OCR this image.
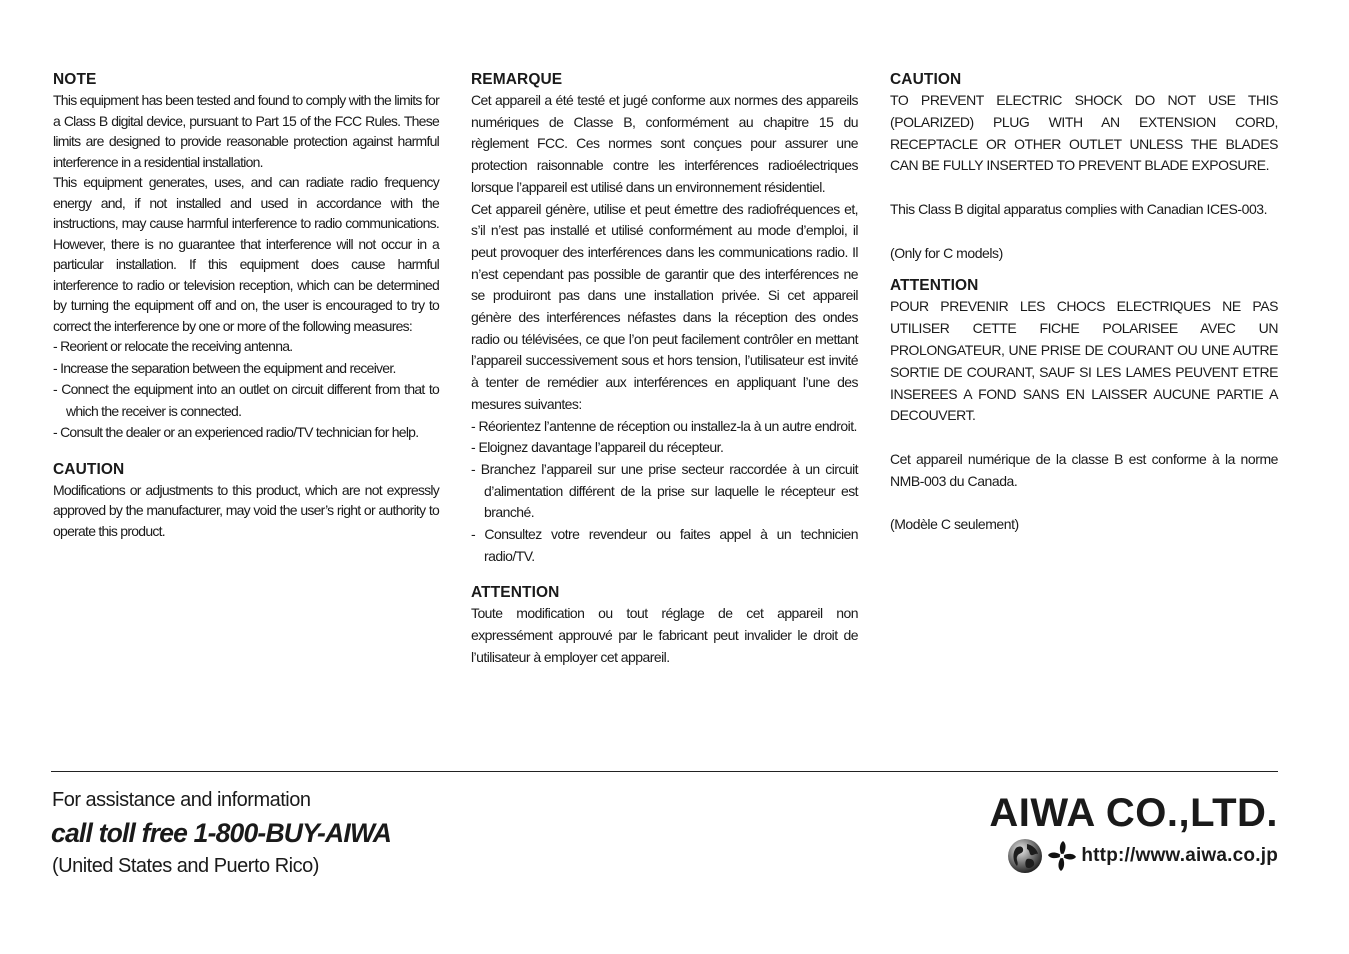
NOTE

This equipment has been tested and found to comply with the limits for a Class B digital device, pursuant to Part 15 of the FCC Rules. These limits are designed to provide reasonable protection against harmful interference in a residential installation.

This equipment generates, uses, and can radiate radio frequency energy and, if not installed and used in accordance with the instructions, may cause harmful interference to radio communications. However, there is no guarantee that interference will not occur in a particular installation. If this equipment does cause harmful interference to radio or television reception, which can be determined by turning the equipment off and on, the user is encouraged to try to correct the interference by one or more of the following measures:

- Reorient or relocate the receiving antenna.
- Increase the separation between the equipment and receiver.
- Connect the equipment into an outlet on circuit different from that to which the receiver is connected.
- Consult the dealer or an experienced radio/TV technician for help.
CAUTION

Modifications or adjustments to this product, which are not expressly approved by the manufacturer, may void the user’s right or authority to operate this product.

REMARQUE

Cet appareil a été testé et jugé conforme aux normes des appareils numériques de Classe B, conformément au chapitre 15 du règlement FCC. Ces normes sont conçues pour assurer une protection raisonnable contre les interférences radioélectriques lorsque l’appareil est utilisé dans un environnement résidentiel.

Cet appareil génère, utilise et peut émettre des radiofréquences et, s’il n’est pas installé et utilisé conformément au mode d’emploi, il peut provoquer des interférences dans les communications radio. Il n’est cependant pas possible de garantir que des interférences ne se produiront pas dans une installation privée. Si cet appareil génère des interférences néfastes dans la réception des ondes radio ou télévisées, ce que l’on peut facilement contrôler en mettant l’appareil successivement sous et hors tension, l’utilisateur est invité à tenter de remédier aux interférences en appliquant l’une des mesures suivantes:

- Réorientez l’antenne de réception ou installez-la à un autre endroit.
- Eloignez davantage l’appareil du récepteur.
- Branchez l’appareil sur une prise secteur raccordée à un circuit d’alimentation différent de la prise sur laquelle le récepteur est branché.
- Consultez votre revendeur ou faites appel à un technicien radio/TV.
ATTENTION

Toute modification ou tout réglage de cet appareil non expressément approuvé par le fabricant peut invalider le droit de l’utilisateur à employer cet appareil.

CAUTION

TO PREVENT ELECTRIC SHOCK DO NOT USE THIS (POLARIZED) PLUG WITH AN EXTENSION CORD, RECEPTACLE OR OTHER OUTLET UNLESS THE BLADES CAN BE FULLY INSERTED TO PREVENT BLADE EXPOSURE.

This Class B digital apparatus complies with Canadian ICES-003.

(Only for C models)

ATTENTION

POUR PREVENIR LES CHOCS ELECTRIQUES NE PAS UTILISER CETTE FICHE POLARISEE AVEC UN PROLONGATEUR, UNE PRISE DE COURANT OU UNE AUTRE SORTIE DE COURANT, SAUF SI LES LAMES PEUVENT ETRE INSEREES A FOND SANS EN LAISSER AUCUNE PARTIE A DECOUVERT.

Cet appareil numérique de la classe B est conforme à la norme NMB-003 du Canada.

(Modèle C seulement)

For assistance and information
call toll free 1-800-BUY-AIWA
(United States and Puerto Rico)
AIWA CO.,LTD.
http://www.aiwa.co.jp
